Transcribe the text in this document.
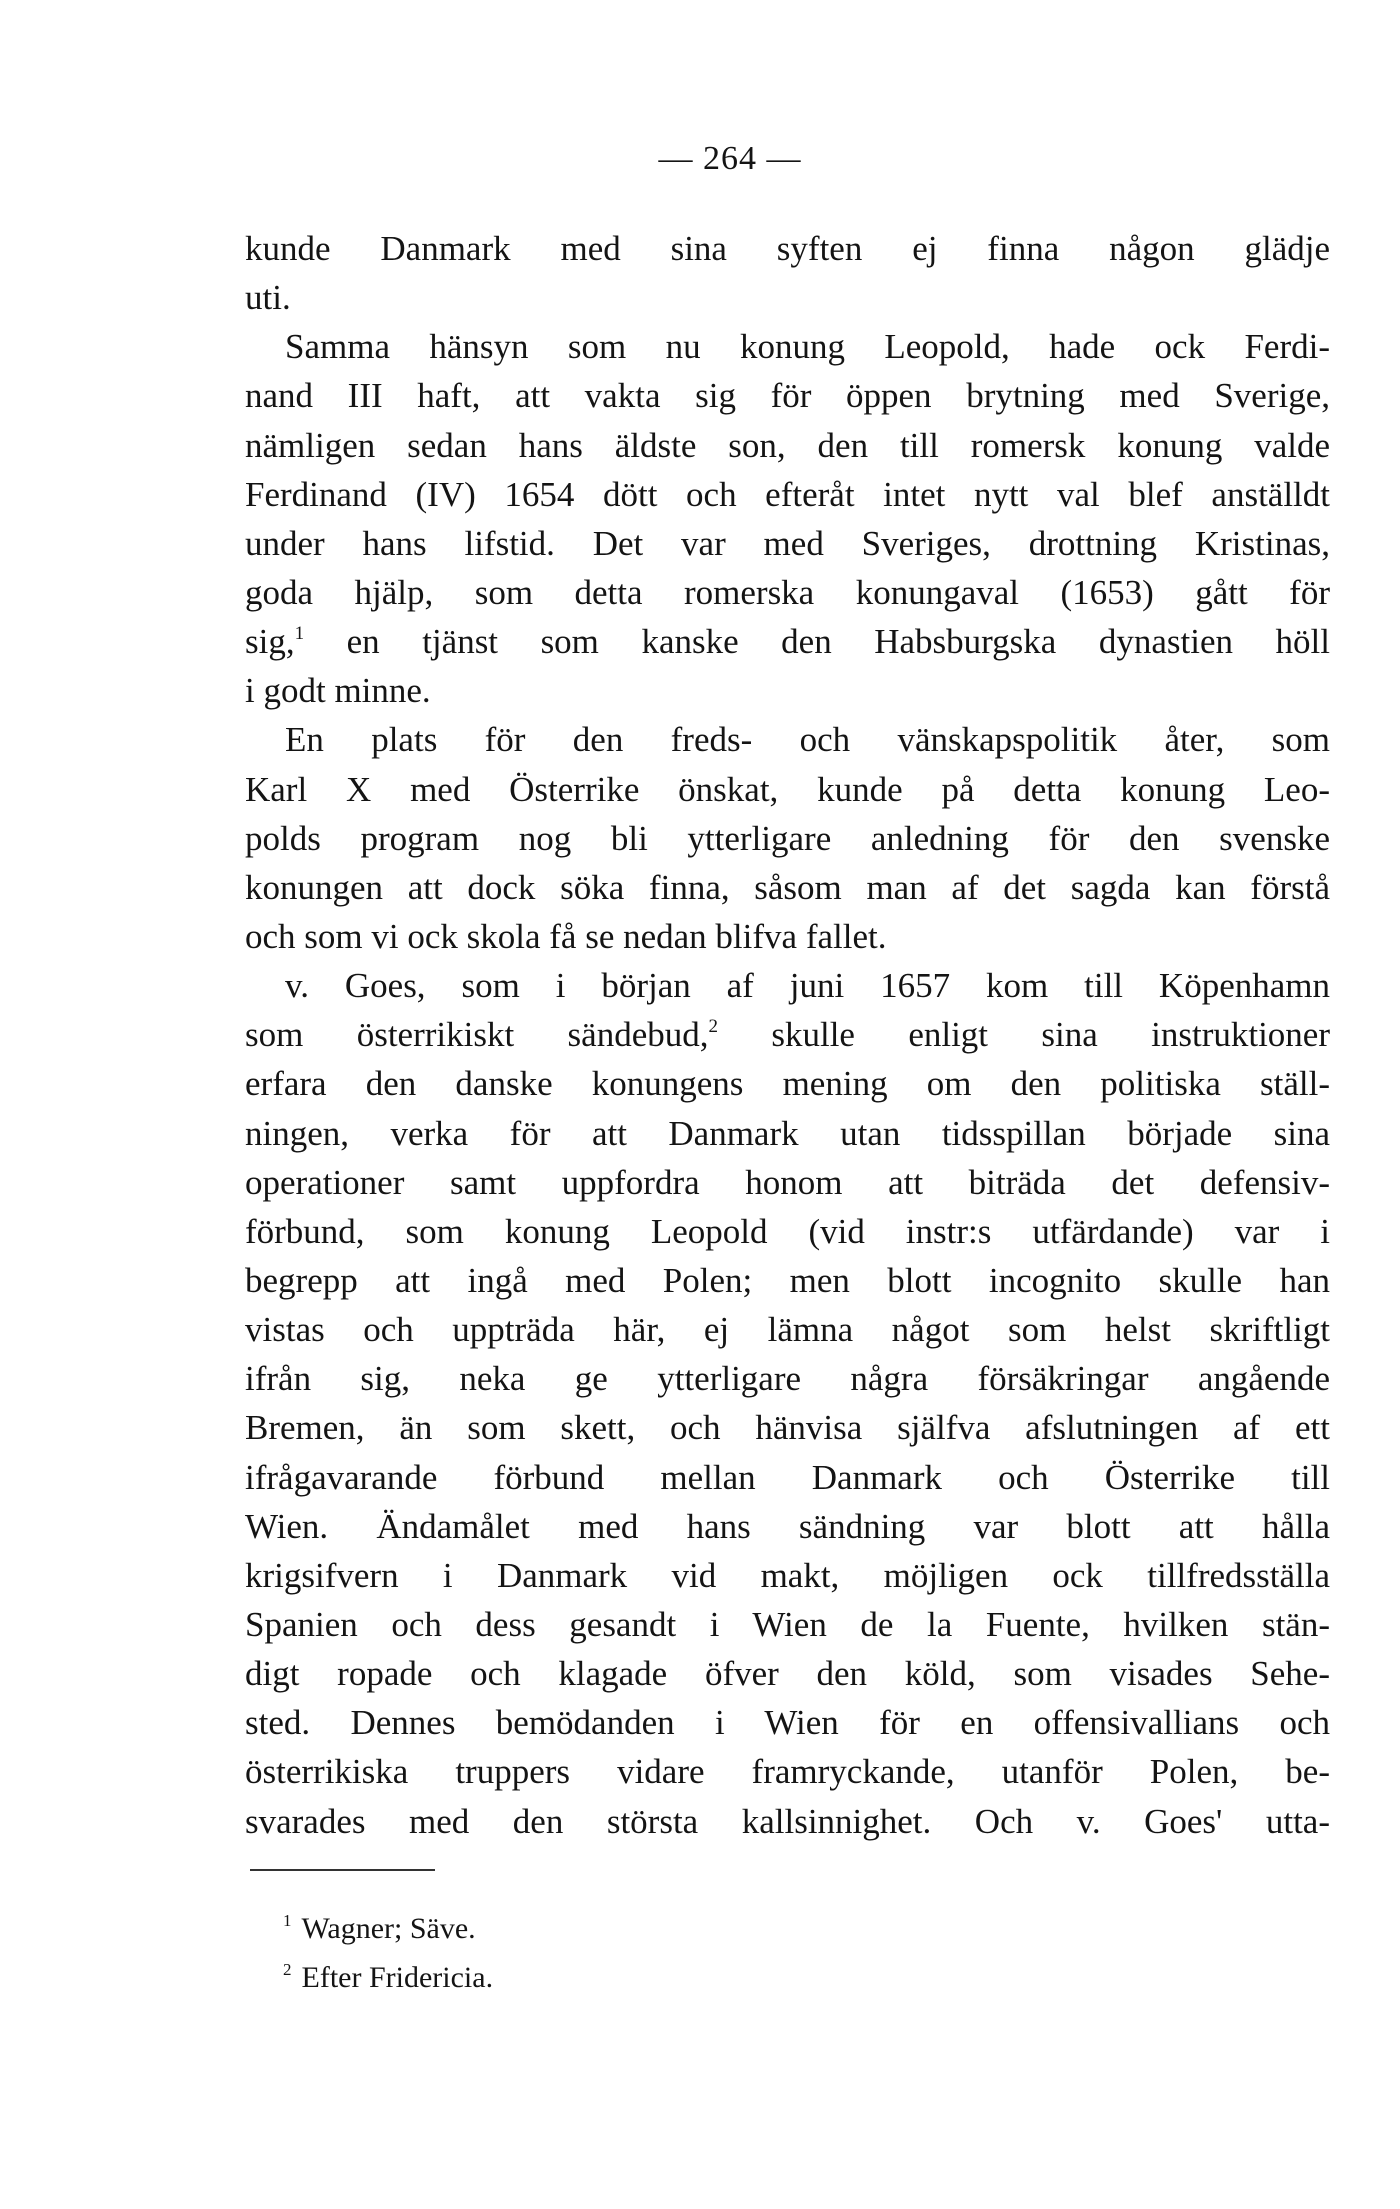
— 264 —
kunde Danmark med sina syften ej finna någon glädje
uti.
Samma hänsyn som nu konung Leopold, hade ock Ferdi-
nand III haft, att vakta sig för öppen brytning med Sverige,
nämligen sedan hans äldste son, den till romersk konung valde
Ferdinand (IV) 1654 dött och efteråt intet nytt val blef anställdt
under hans lifstid. Det var med Sveriges, drottning Kristinas,
goda hjälp, som detta romerska konungaval (1653) gått för
sig,$^1$ en tjänst som kanske den Habsburgska dynastien höll
i godt minne.
En plats för den freds- och vänskapspolitik åter, som
Karl X med Österrike önskat, kunde på detta konung Leo-
polds program nog bli ytterligare anledning för den svenske
konungen att dock söka finna, såsom man af det sagda kan förstå
och som vi ock skola få se nedan blifva fallet.
v. Goes, som i början af juni 1657 kom till Köpenhamn
som österrikiskt sändebud,$^2$ skulle enligt sina instruktioner
erfara den danske konungens mening om den politiska ställ-
ningen, verka för att Danmark utan tidsspillan började sina
operationer samt uppfordra honom att biträda det defensiv-
förbund, som konung Leopold (vid instr:s utfärdande) var i
begrepp att ingå med Polen; men blott incognito skulle han
vistas och uppträda här, ej lämna något som helst skriftligt
ifrån sig, neka ge ytterligare några försäkringar angående
Bremen, än som skett, och hänvisa själfva afslutningen af ett
ifrågavarande förbund mellan Danmark och Österrike till
Wien. Ändamålet med hans sändning var blott att hålla
krigsifvern i Danmark vid makt, möjligen ock tillfredsställa
Spanien och dess gesandt i Wien de la Fuente, hvilken stän-
digt ropade och klagade öfver den köld, som visades Sehe-
sted. Dennes bemödanden i Wien för en offensivallians och
österrikiska truppers vidare framryckande, utanför Polen, be-
svarades med den största kallsinnighet. Och v. Goes' utta-
$^1$ Wagner; Säve.
$^2$ Efter Fridericia.
